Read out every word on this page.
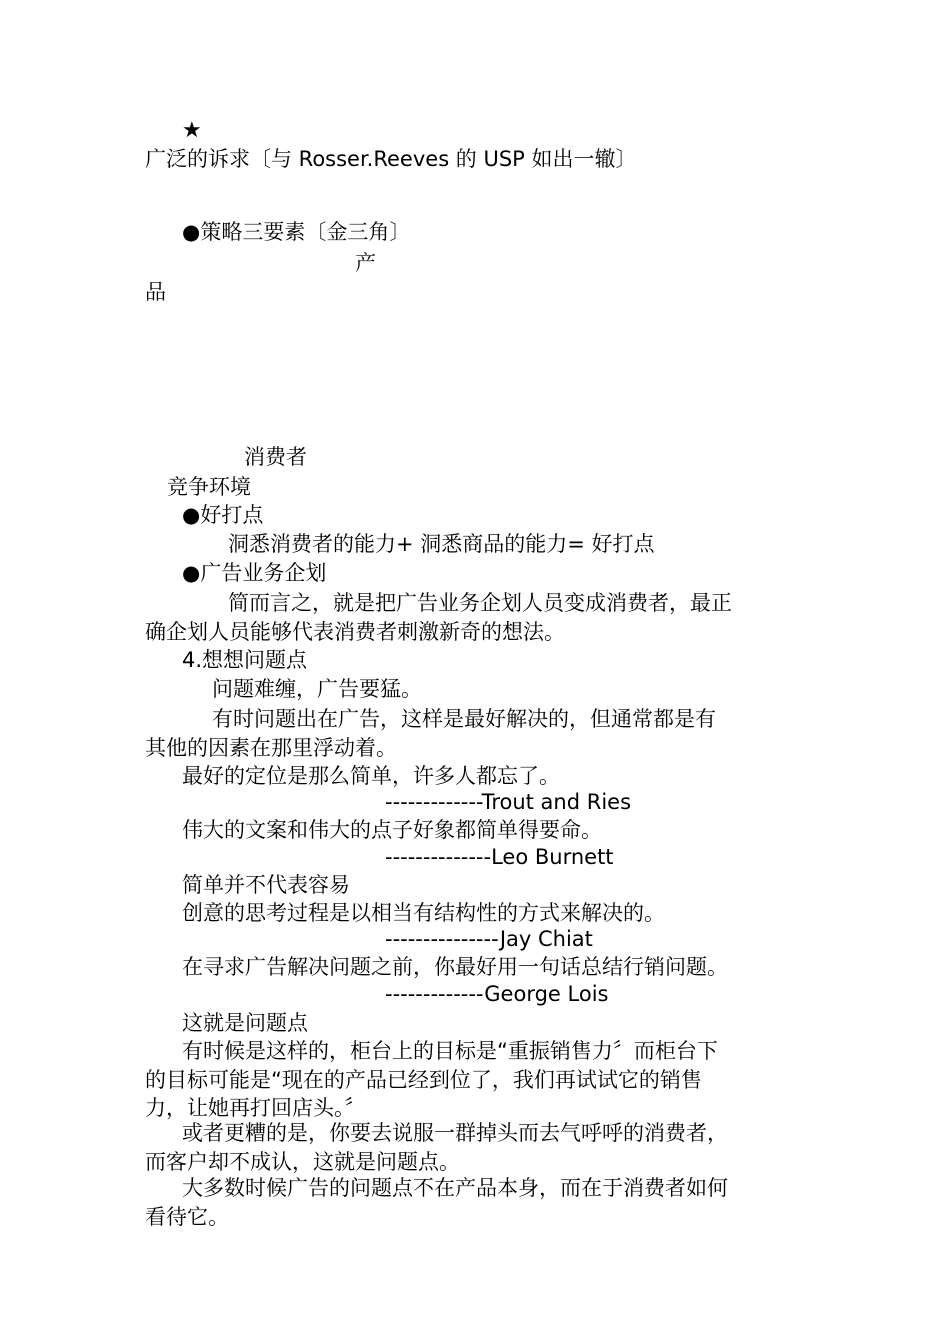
★
广泛的诉求〔与 Rosser.Reeves 的 USP 如出一辙〕
●策略三要素〔金三角〕
产
品
消费者
竞争环境
●好打点
洞悉消费者的能力+ 洞悉商品的能力= 好打点
●广告业务企划
简而言之，就是把广告业务企划人员变成消费者，最正
确企划人员能够代表消费者刺激新奇的想法。
4.想想问题点
问题难缠，广告要猛。
有时问题出在广告，这样是最好解决的，但通常都是有
其他的因素在那里浮动着。
最好的定位是那么简单，许多人都忘了。
-------------Trout and Ries
伟大的文案和伟大的点子好象都简单得要命。
--------------Leo Burnett
简单并不代表容易
创意的思考过程是以相当有结构性的方式来解决的。
---------------Jay Chiat
在寻求广告解决问题之前，你最好用一句话总结行销问题。
-------------George Lois
这就是问题点
有时候是这样的，柜台上的目标是“重振销售力〞而柜台下
的目标可能是“现在的产品已经到位了，我们再试试它的销售
力，让她再打回店头。〞
或者更糟的是，你要去说服一群掉头而去气呼呼的消费者，
而客户却不成认，这就是问题点。
大多数时候广告的问题点不在产品本身，而在于消费者如何
看待它。
